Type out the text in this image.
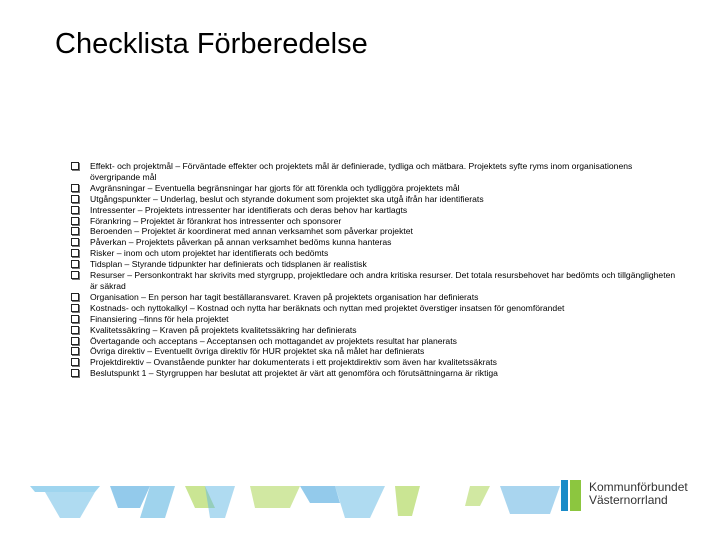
Checklista Förberedelse
Effekt- och projektmål – Förväntade effekter och projektets mål är definierade, tydliga och mätbara. Projektets syfte ryms inom organisationens övergripande mål
Avgränsningar – Eventuella begränsningar har gjorts för att förenkla och tydliggöra projektets mål
Utgångspunkter – Underlag, beslut och styrande dokument som projektet ska utgå ifrån har identifierats
Intressenter – Projektets intressenter har identifierats och deras behov har kartlagts
Förankring – Projektet är förankrat hos intressenter och sponsorer
Beroenden – Projektet är koordinerat med annan verksamhet som påverkar projektet
Påverkan – Projektets påverkan på annan verksamhet bedöms kunna hanteras
Risker – inom och utom projektet har identifierats och bedömts
Tidsplan – Styrande tidpunkter har definierats och tidsplanen är realistisk
Resurser – Personkontrakt har skrivits med styrgrupp, projektledare och andra kritiska resurser. Det totala resursbehovet har bedömts och tillgängligheten är säkrad
Organisation – En person har tagit beställaransvaret. Kraven på projektets organisation har definierats
Kostnads- och nyttokalkyl – Kostnad och nytta har beräknats och nyttan med projektet överstiger insatsen för genomförandet
Finansiering –finns för hela projektet
Kvalitetssäkring – Kraven på projektets kvalitetssäkring har definierats
Övertagande och acceptans – Acceptansen och mottagandet av projektets resultat har planerats
Övriga direktiv – Eventuellt övriga direktiv för HUR projektet ska nå målet har definierats
Projektdirektiv – Ovanstående punkter har dokumenterats i ett projektdirektiv som även har kvalitetssäkrats
Beslutspunkt 1 – Styrgruppen har beslutat att projektet är värt att genomföra och förutsättningarna är riktiga
Kommunförbundet
Västernorrland
